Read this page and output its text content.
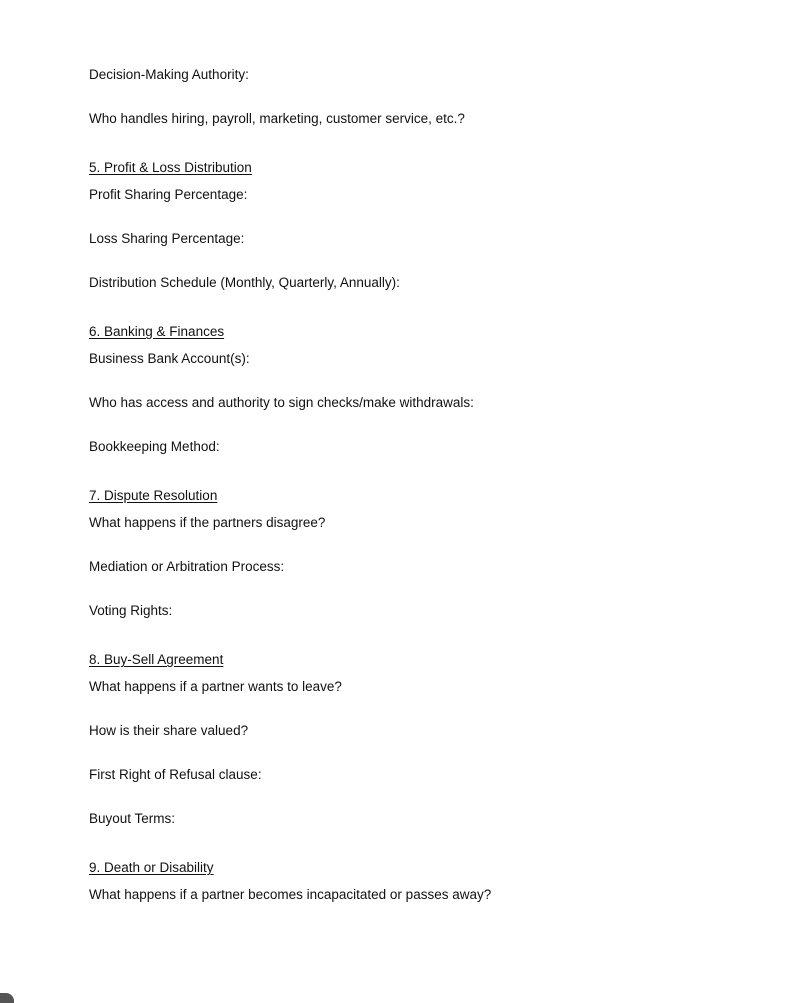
Decision-Making Authority:
Who handles hiring, payroll, marketing, customer service, etc.?
5. Profit & Loss Distribution
Profit Sharing Percentage:
Loss Sharing Percentage:
Distribution Schedule (Monthly, Quarterly, Annually):
6. Banking & Finances
Business Bank Account(s):
Who has access and authority to sign checks/make withdrawals:
Bookkeeping Method:
7. Dispute Resolution
What happens if the partners disagree?
Mediation or Arbitration Process:
Voting Rights:
8. Buy-Sell Agreement
What happens if a partner wants to leave?
How is their share valued?
First Right of Refusal clause:
Buyout Terms:
9. Death or Disability
What happens if a partner becomes incapacitated or passes away?
